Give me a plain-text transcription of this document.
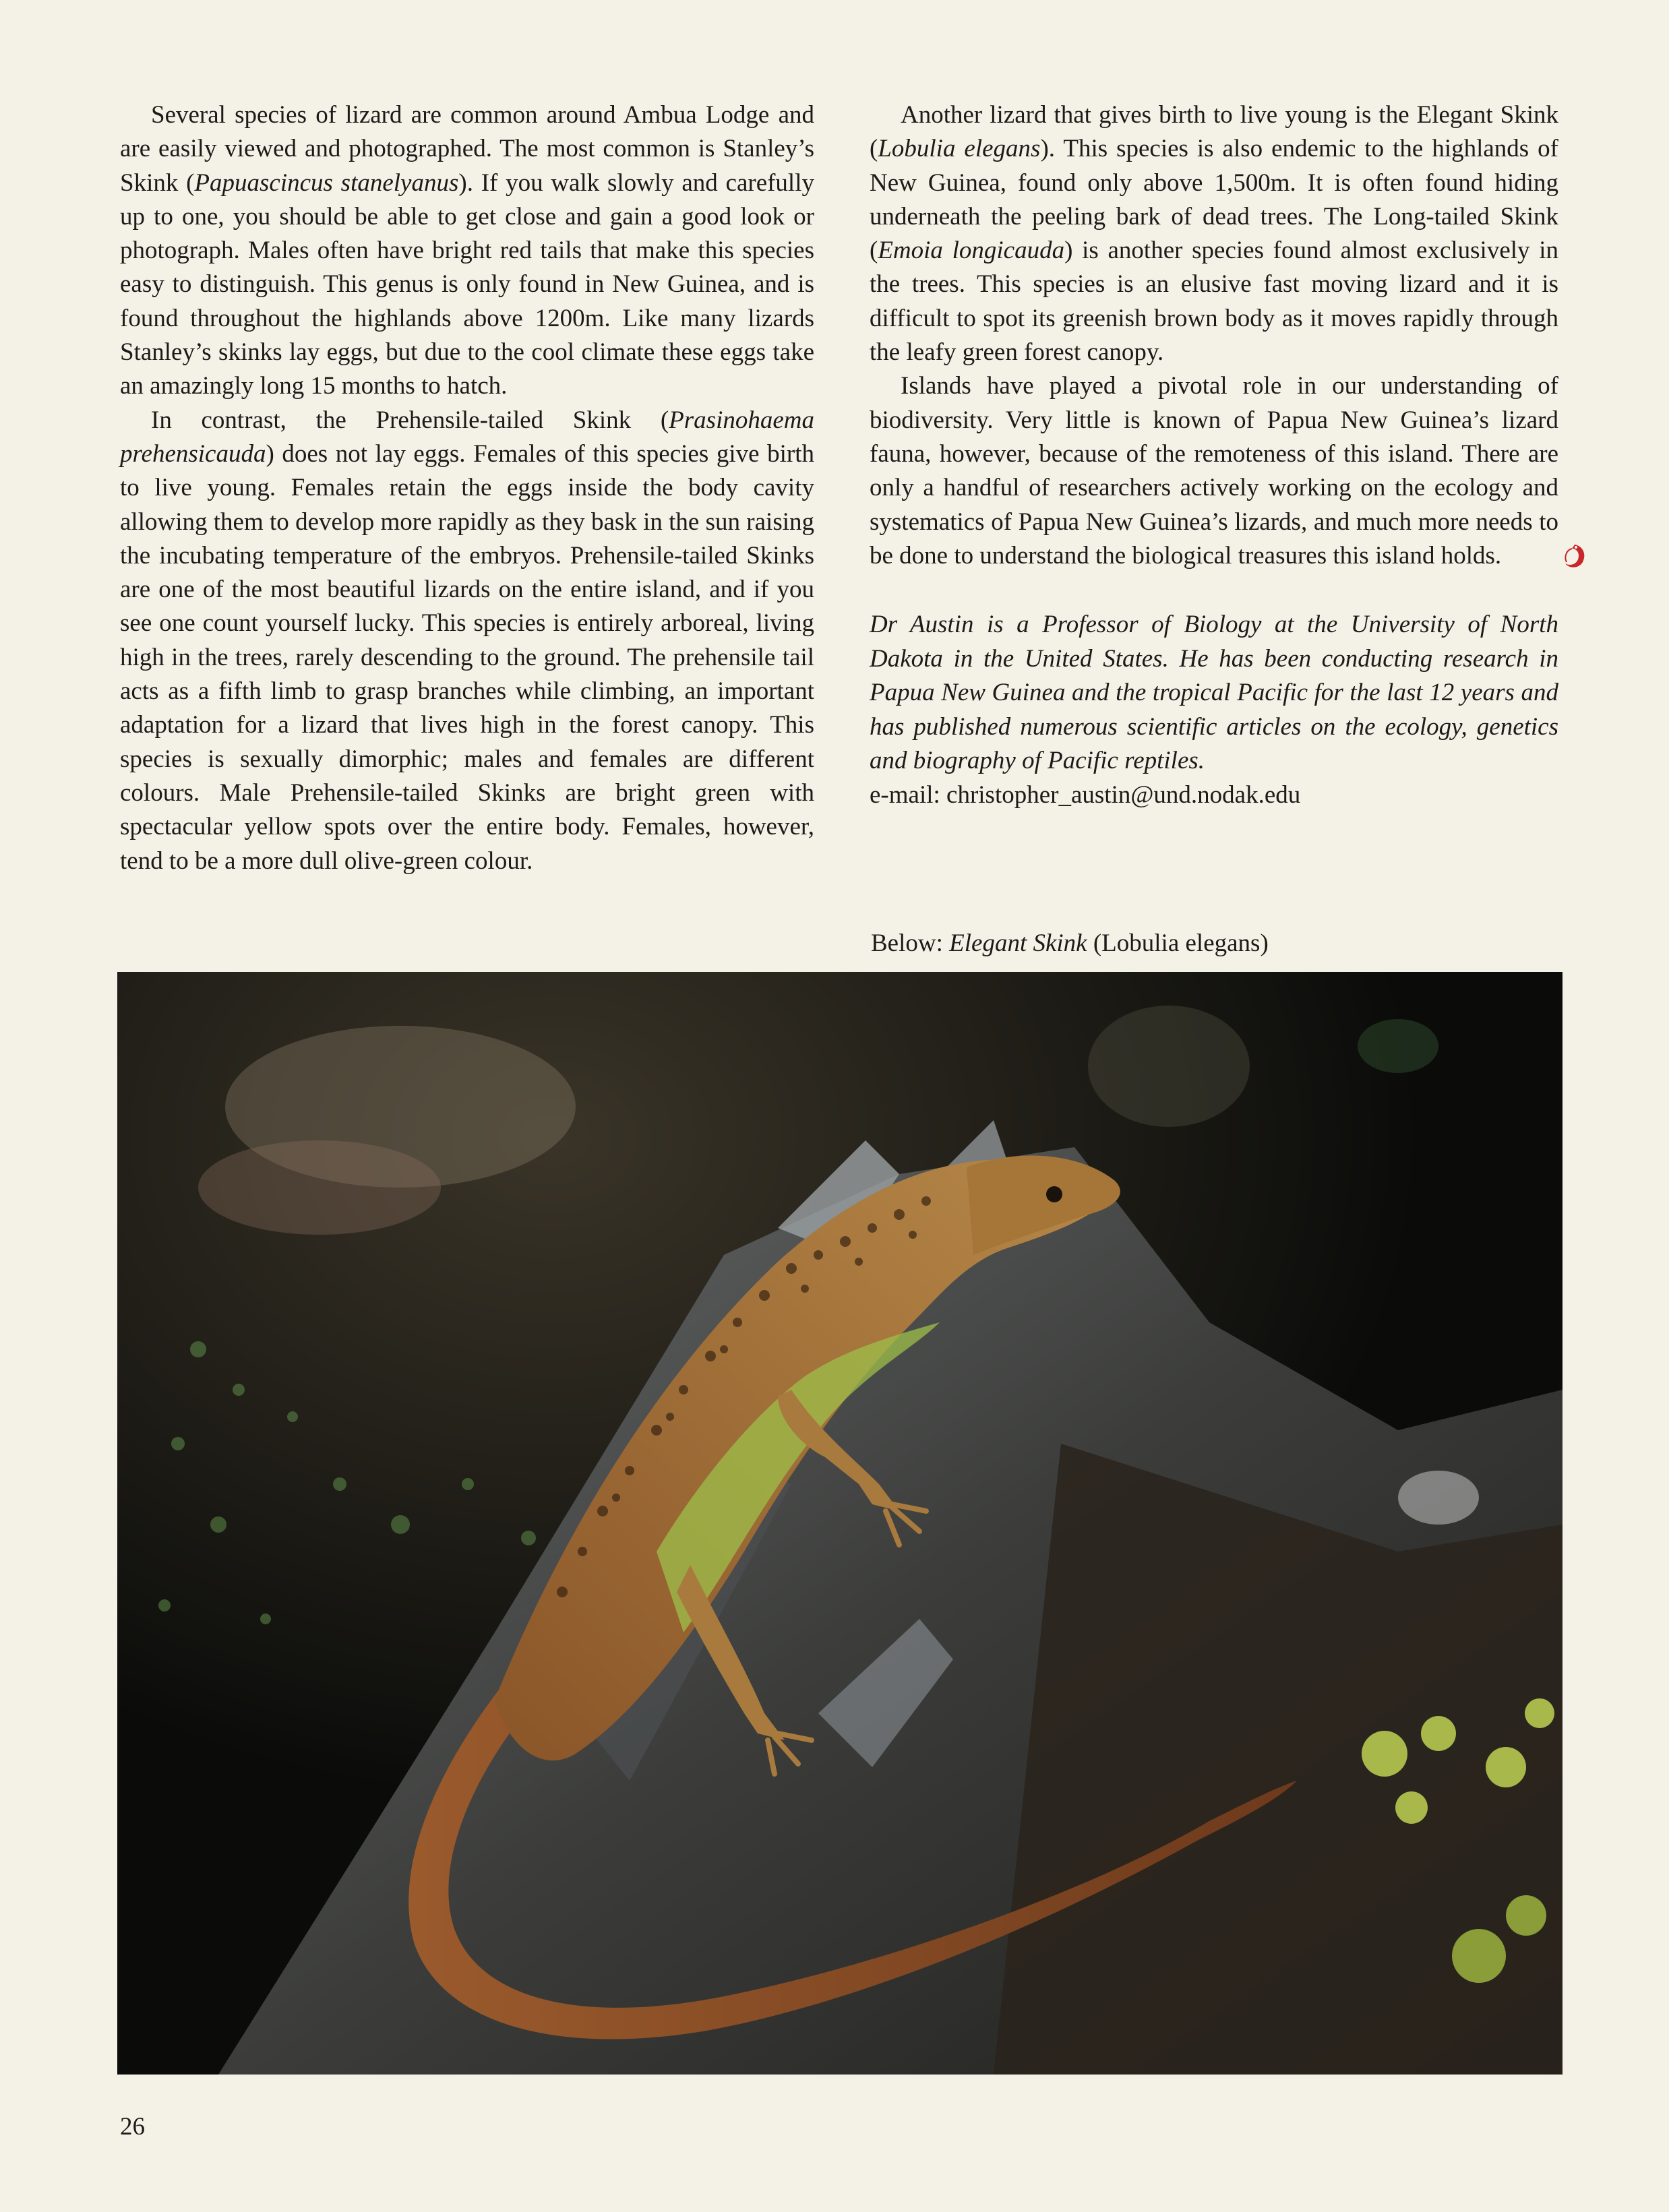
Several species of lizard are common around Ambua Lodge and are easily viewed and photographed. The most common is Stanley’s Skink (Papuascincus stanelyanus). If you walk slowly and carefully up to one, you should be able to get close and gain a good look or photograph. Males often have bright red tails that make this species easy to distinguish. This genus is only found in New Guinea, and is found throughout the highlands above 1200m. Like many lizards Stanley’s skinks lay eggs, but due to the cool climate these eggs take an amazingly long 15 months to hatch.

In contrast, the Prehensile-tailed Skink (Prasinohaema prehensicauda) does not lay eggs. Females of this species give birth to live young. Females retain the eggs inside the body cavity allowing them to develop more rapidly as they bask in the sun raising the incubating temperature of the embryos. Prehensile-tailed Skinks are one of the most beautiful lizards on the entire island, and if you see one count yourself lucky. This species is entirely arboreal, living high in the trees, rarely descending to the ground. The prehensile tail acts as a fifth limb to grasp branches while climbing, an important adaptation for a lizard that lives high in the forest canopy. This species is sexually dimorphic; males and females are different colours. Male Prehensile-tailed Skinks are bright green with spectacular yellow spots over the entire body. Females, however, tend to be a more dull olive-green colour.

Another lizard that gives birth to live young is the Elegant Skink (Lobulia elegans). This species is also endemic to the highlands of New Guinea, found only above 1,500m. It is often found hiding underneath the peeling bark of dead trees. The Long-tailed Skink (Emoia longicauda) is another species found almost exclusively in the trees. This species is an elusive fast moving lizard and it is difficult to spot its greenish brown body as it moves rapidly through the leafy green forest canopy.

Islands have played a pivotal role in our understanding of biodiversity. Very little is known of Papua New Guinea’s lizard fauna, however, because of the remoteness of this island. There are only a handful of researchers actively working on the ecology and systematics of Papua New Guinea’s lizards, and much more needs to be done to understand the biological treasures this island holds.

Dr Austin is a Professor of Biology at the University of North Dakota in the United States. He has been conducting research in Papua New Guinea and the tropical Pacific for the last 12 years and has published numerous scientific articles on the ecology, genetics and biography of Pacific reptiles.
e-mail: christopher_austin@und.nodak.edu
Below: Elegant Skink (Lobulia elegans)
26
